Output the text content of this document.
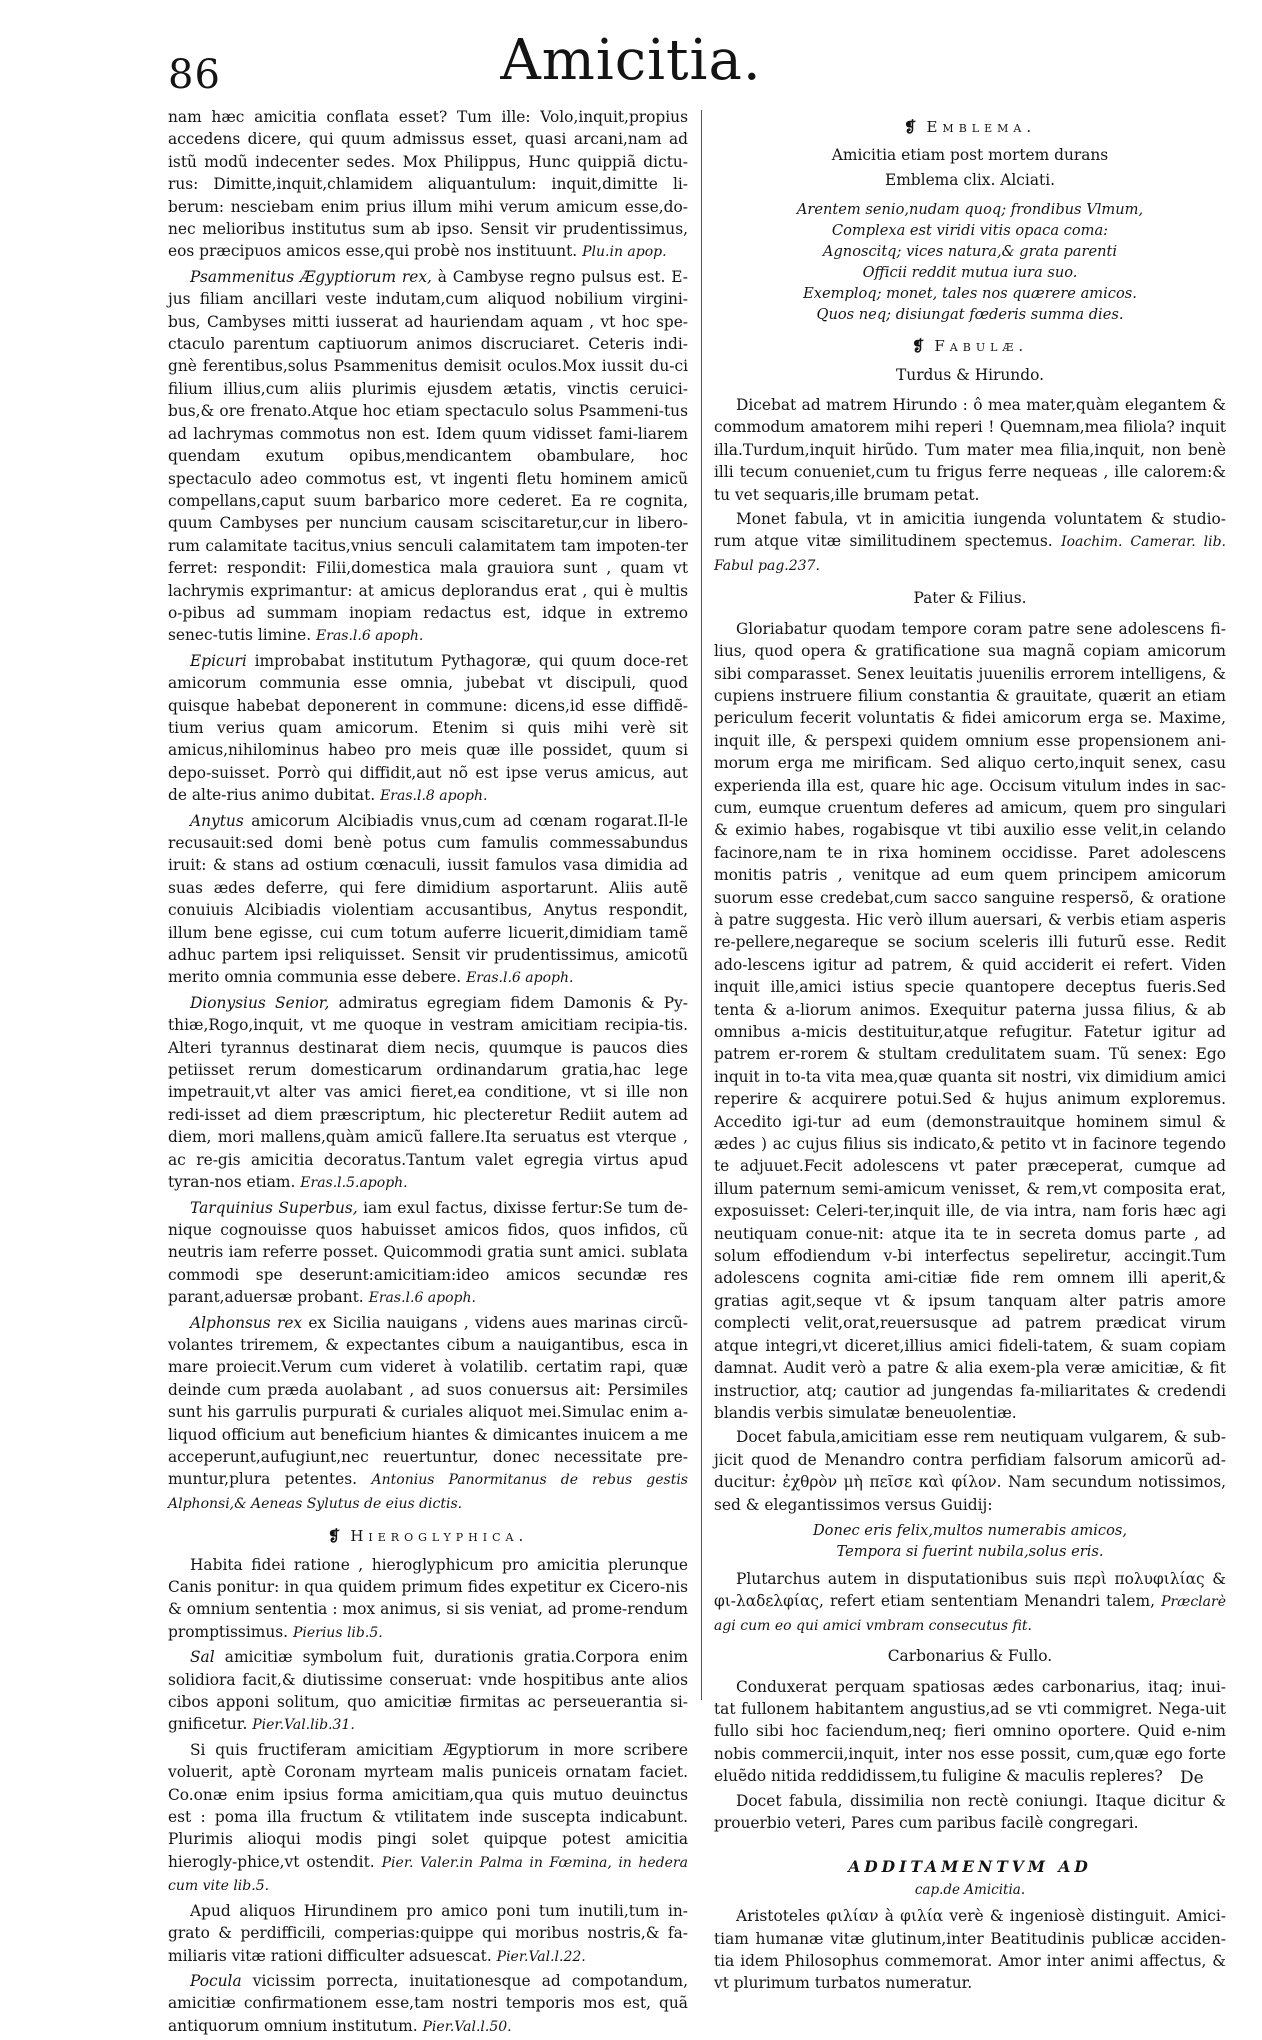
86	Amicitia.

nam hæc amicitia conflata esset? Tum ille: Volo,inquit,propius accedens dicere, qui quum admissus esset, quasi arcani,nam ad istũ modũ indecenter sedes. Mox Philippus, Hunc quippiã dictu-rus: Dimitte,inquit,chlamidem aliquantulum: inquit,dimitte li-berum: nesciebam enim prius illum mihi verum amicum esse,do-nec melioribus institutus sum ab ipso. Sensit vir prudentissimus, eos præcipuos amicos esse,qui probè nos instituunt. Plu.in apop.

Psammenitus Ægyptiorum rex, à Cambyse regno pulsus est. E-jus filiam ancillari veste indutam,cum aliquod nobilium virgini-bus, Cambyses mitti iusserat ad hauriendam aquam , vt hoc spe-ctaculo parentum captiuorum animos discruciaret. Ceteris indi-gnè ferentibus,solus Psammenitus demisit oculos.Mox iussit du-ci filium illius,cum aliis plurimis ejusdem ætatis, vinctis ceruici-bus,& ore frenato.Atque hoc etiam spectaculo solus Psammeni-tus ad lachrymas commotus non est. Idem quum vidisset fami-liarem quendam exutum opibus,mendicantem obambulare, hoc spectaculo adeo commotus est, vt ingenti fletu hominem amicũ compellans,caput suum barbarico more cederet. Ea re cognita, quum Cambyses per nuncium causam sciscitaretur,cur in libero-rum calamitate tacitus,vnius senculi calamitatem tam impoten-ter ferret: respondit: Filii,domestica mala grauiora sunt , quam vt lachrymis exprimantur: at amicus deplorandus erat , qui è multis o-pibus ad summam inopiam redactus est, idque in extremo senec-tutis limine. Eras.l.6 apoph.

Epicuri improbabat institutum Pythagoræ, qui quum doce-ret amicorum communia esse omnia, jubebat vt discipuli, quod quisque habebat deponerent in commune: dicens,id esse diffidẽ-tium verius quam amicorum. Etenim si quis mihi verè sit amicus,nihilominus habeo pro meis quæ ille possidet, quum si depo-suisset. Porrò qui diffidit,aut nõ est ipse verus amicus, aut de alte-rius animo dubitat. Eras.l.8 apoph.

Anytus amicorum Alcibiadis vnus,cum ad cœnam rogarat.Il-le recusauit:sed domi benè potus cum famulis commessabundus iruit: & stans ad ostium cœnaculi, iussit famulos vasa dimidia ad suas ædes deferre, qui fere dimidium asportarunt. Aliis autẽ conuiuis Alcibiadis violentiam accusantibus, Anytus respondit, illum bene egisse, cui cum totum auferre licuerit,dimidiam tamẽ adhuc partem ipsi reliquisset. Sensit vir prudentissimus, amicotũ merito omnia communia esse debere. Eras.l.6 apoph.

Dionysius Senior, admiratus egregiam fidem Damonis & Py-thiæ,Rogo,inquit, vt me quoque in vestram amicitiam recipia-tis. Alteri tyrannus destinarat diem necis, quumque is paucos dies petiisset rerum domesticarum ordinandarum gratia,hac lege impetrauit,vt alter vas amici fieret,ea conditione, vt si ille non redi-isset ad diem præscriptum, hic plecteretur Rediit autem ad diem, mori mallens,quàm amicũ fallere.Ita seruatus est vterque , ac re-gis amicitia decoratus.Tantum valet egregia virtus apud tyran-nos etiam. Eras.l.5.apoph.

Tarquinius Superbus, iam exul factus, dixisse fertur:Se tum de-nique cognouisse quos habuisset amicos fidos, quos infidos, cũ neutris iam referre posset. Quicommodi gratia sunt amici. sublata commodi spe deserunt:amicitiam:ideo amicos secundæ res parant,aduersæ probant. Eras.l.6 apoph.

Alphonsus rex ex Sicilia nauigans , videns aues marinas circũ-volantes triremem, & expectantes cibum a nauigantibus, esca in mare proiecit.Verum cum videret à volatilib. certatim rapi, quæ deinde cum præda auolabant , ad suos conuersus ait: Persimiles sunt his garrulis purpurati & curiales aliquot mei.Simulac enim a-liquod officium aut beneficium hiantes & dimicantes inuicem a me acceperunt,aufugiunt,nec reuertuntur, donec necessitate pre-muntur,plura petentes. Antonius Panormitanus de rebus gestis Alphonsi,& Aeneas Sylutus de eius dictis.

❡ Hieroglyphica.

Habita fidei ratione , hieroglyphicum pro amicitia plerunque Canis ponitur: in qua quidem primum fides expetitur ex Cicero-nis & omnium sententia : mox animus, si sis veniat, ad prome-rendum promptissimus. Pierius lib.5.

Sal amicitiæ symbolum fuit, durationis gratia.Corpora enim solidiora facit,& diutissime conseruat: vnde hospitibus ante alios cibos apponi solitum, quo amicitiæ firmitas ac perseuerantia si-gnificetur. Pier.Val.lib.31.

Si quis fructiferam amicitiam Ægyptiorum in more scribere voluerit, aptè Coronam myrteam malis puniceis ornatam faciet. Co.onæ enim ipsius forma amicitiam,qua quis mutuo deuinctus est : poma illa fructum & vtilitatem inde suscepta indicabunt. Plurimis alioqui modis pingi solet quipque potest amicitia hierogly-phice,vt ostendit. Pier. Valer.in Palma in Fœmina, in hedera cum vite lib.5.

Apud aliquos Hirundinem pro amico poni tum inutili,tum in-grato & perdifficili, comperias:quippe qui moribus nostris,& fa-miliaris vitæ rationi difficulter adsuescat. Pier.Val.l.22.

Pocula vicissim porrecta, inuitationesque ad compotandum, amicitiæ confirmationem esse,tam nostri temporis mos est, quã antiquorum omnium institutum. Pier.Val.l.50.

❡ Emblema.
Amicitia etiam post mortem durans
Emblema clix. Alciati.
Arentem senio,nudam quoq; frondibus Vlmum,
Complexa est viridi vitis opaca coma:
Agnoscitq; vices natura,& grata parenti
Officii reddit mutua iura suo.
Exemploq; monet, tales nos quærere amicos.
Quos neq; disiungat fœderis summa dies.
❡ Fabulæ.
Turdus & Hirundo.

Dicebat ad matrem Hirundo : ô mea mater,quàm elegantem & commodum amatorem mihi reperi ! Quemnam,mea filiola? inquit illa.Turdum,inquit hirũdo. Tum mater mea filia,inquit, non benè illi tecum conueniet,cum tu frigus ferre nequeas , ille calorem:& tu vet sequaris,ille brumam petat.

Monet fabula, vt in amicitia iungenda voluntatem & studio-rum atque vitæ similitudinem spectemus. Ioachim. Camerar. lib. Fabul pag.237.

Pater & Filius.

Gloriabatur quodam tempore coram patre sene adolescens fi-lius, quod opera & gratificatione sua magnã copiam amicorum sibi comparasset. Senex leuitatis juuenilis errorem intelligens, & cupiens instruere filium constantia & grauitate, quærit an etiam periculum fecerit voluntatis & fidei amicorum erga se. Maxime, inquit ille, & perspexi quidem omnium esse propensionem ani-morum erga me mirificam. Sed aliquo certo,inquit senex, casu experienda illa est, quare hic age. Occisum vitulum indes in sac-cum, eumque cruentum deferes ad amicum, quem pro singulari & eximio habes, rogabisque vt tibi auxilio esse velit,in celando facinore,nam te in rixa hominem occidisse. Paret adolescens monitis patris , venitque ad eum quem principem amicorum suorum esse credebat,cum sacco sanguine respersõ, & oratione à patre suggesta. Hic verò illum auersari, & verbis etiam asperis re-pellere,negareque se socium sceleris illi futurũ esse. Redit ado-lescens igitur ad patrem, & quid acciderit ei refert. Viden inquit ille,amici istius specie quantopere deceptus fueris.Sed tenta & a-liorum animos. Exequitur paterna jussa filius, & ab omnibus a-micis destituitur,atque refugitur. Fatetur igitur ad patrem er-rorem & stultam credulitatem suam. Tũ senex: Ego inquit in to-ta vita mea,quæ quanta sit nostri, vix dimidium amici reperire & acquirere potui.Sed & hujus animum exploremus. Accedito igi-tur ad eum (demonstrauitque hominem simul & ædes ) ac cujus filius sis indicato,& petito vt in facinore tegendo te adjuuet.Fecit adolescens vt pater præceperat, cumque ad illum paternum semi-amicum venisset, & rem,vt composita erat, exposuisset: Celeri-ter,inquit ille, de via intra, nam foris hæc agi neutiquam conue-nit: atque ita te in secreta domus parte , ad solum effodiendum v-bi interfectus sepeliretur, accingit.Tum adolescens cognita ami-citiæ fide rem omnem illi aperit,& gratias agit,seque vt & ipsum tanquam alter patris amore complecti velit,orat,reuersusque ad patrem prædicat virum atque integri,vt diceret,illius amici fideli-tatem, & suam copiam damnat. Audit verò a patre & alia exem-pla veræ amicitiæ, & fit instructior, atq; cautior ad jungendas fa-miliaritates & credendi blandis verbis simulatæ beneuolentiæ.

Docet fabula,amicitiam esse rem neutiquam vulgarem, & sub-jicit quod de Menandro contra perfidiam falsorum amicorũ ad-ducitur: ἐχθρὸν μὴ πεῖσε καὶ φίλον. Nam secundum notissimos, sed & elegantissimos versus Guidij:

Donec eris felix,multos numerabis amicos,
Tempora si fuerint nubila,solus eris.

Plutarchus autem in disputationibus suis περὶ πολυφιλίας & φι-λαδελφίας, refert etiam sententiam Menandri talem, Præclarè agi cum eo qui amici vmbram consecutus fit.

Carbonarius & Fullo.

Conduxerat perquam spatiosas ædes carbonarius, itaq; inui-tat fullonem habitantem angustius,ad se vti commigret. Nega-uit fullo sibi hoc faciendum,neq; fieri omnino oportere. Quid e-nim nobis commercii,inquit, inter nos esse possit, cum,quæ ego forte eluẽdo nitida reddidissem,tu fuligine & maculis repleres?

Docet fabula, dissimilia non rectè coniungi. Itaque dicitur & prouerbio veteri, Pares cum paribus facilè congregari.

ADDITAMENTVM AD
cap.de Amicitia.

Aristoteles φιλίαν à φιλία verè & ingeniosè distinguit. Amici-tiam humanæ vitæ glutinum,inter Beatitudinis publicæ acciden-tia idem Philosophus commemorat. Amor inter animi affectus, & vt plurimum turbatos numeratur.

De
